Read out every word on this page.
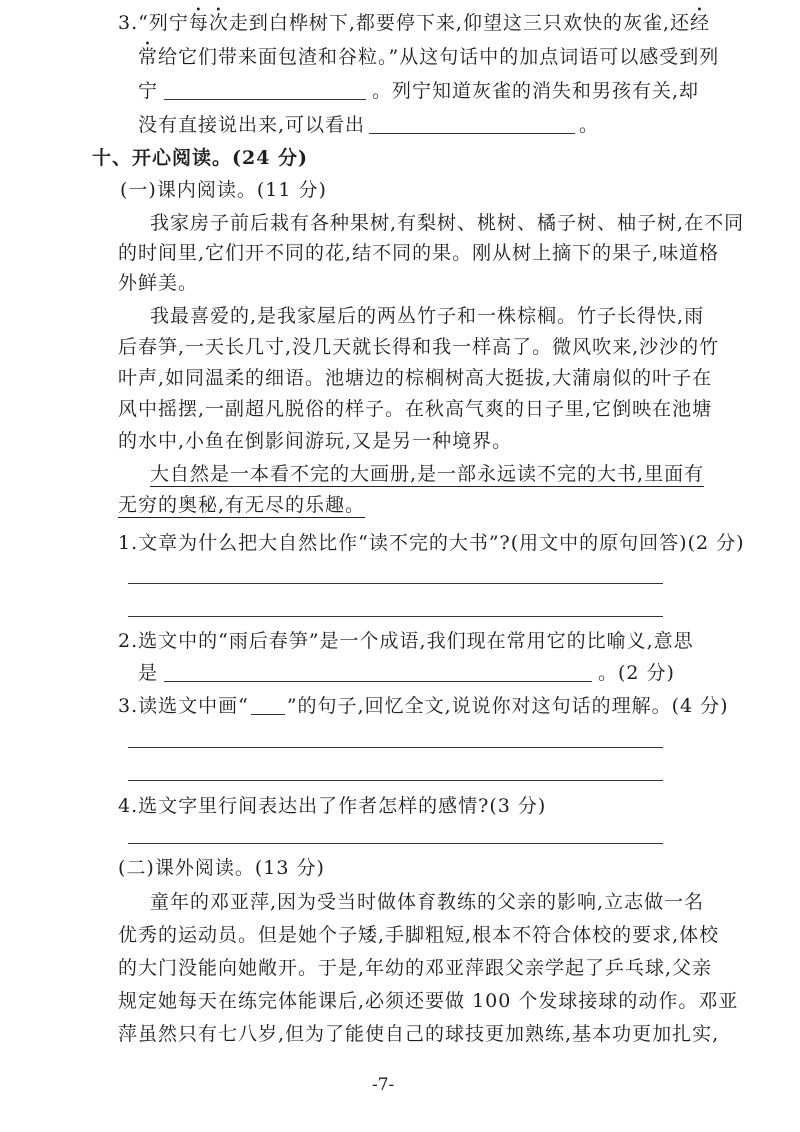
3.“列宁每次走到白桦树下,都要停下来,仰望这三只欢快的灰雀,还经
常给它们带来面包渣和谷粒。”从这句话中的加点词语可以感受到列
宁	。列宁知道灰雀的消失和男孩有关,却
没有直接说出来,可以看出	。
十、开心阅读。(24 分)
(一)课内阅读。(11 分)
我家房子前后栽有各种果树,有梨树、桃树、橘子树、柚子树,在不同
的时间里,它们开不同的花,结不同的果。刚从树上摘下的果子,味道格
外鲜美。
我最喜爱的,是我家屋后的两丛竹子和一株棕榈。竹子长得快,雨
后春笋,一天长几寸,没几天就长得和我一样高了。微风吹来,沙沙的竹
叶声,如同温柔的细语。池塘边的棕榈树高大挺拔,大蒲扇似的叶子在
风中摇摆,一副超凡脱俗的样子。在秋高气爽的日子里,它倒映在池塘
的水中,小鱼在倒影间游玩,又是另一种境界。
大自然是一本看不完的大画册,是一部永远读不完的大书,里面有
无穷的奥秘,有无尽的乐趣。
1.文章为什么把大自然比作“读不完的大书”?(用文中的原句回答)(2 分)
2.选文中的“雨后春笋”是一个成语,我们现在常用它的比喻义,意思
是	。(2 分)
3.读选文中画“ ”的句子,回忆全文,说说你对这句话的理解。(4 分)
4.选文字里行间表达出了作者怎样的感情?(3 分)
(二)课外阅读。(13 分)
童年的邓亚萍,因为受当时做体育教练的父亲的影响,立志做一名
优秀的运动员。但是她个子矮,手脚粗短,根本不符合体校的要求,体校
的大门没能向她敞开。于是,年幼的邓亚萍跟父亲学起了乒乓球,父亲
规定她每天在练完体能课后,必须还要做 100 个发球接球的动作。邓亚
萍虽然只有七八岁,但为了能使自己的球技更加熟练,基本功更加扎实,
-7-
